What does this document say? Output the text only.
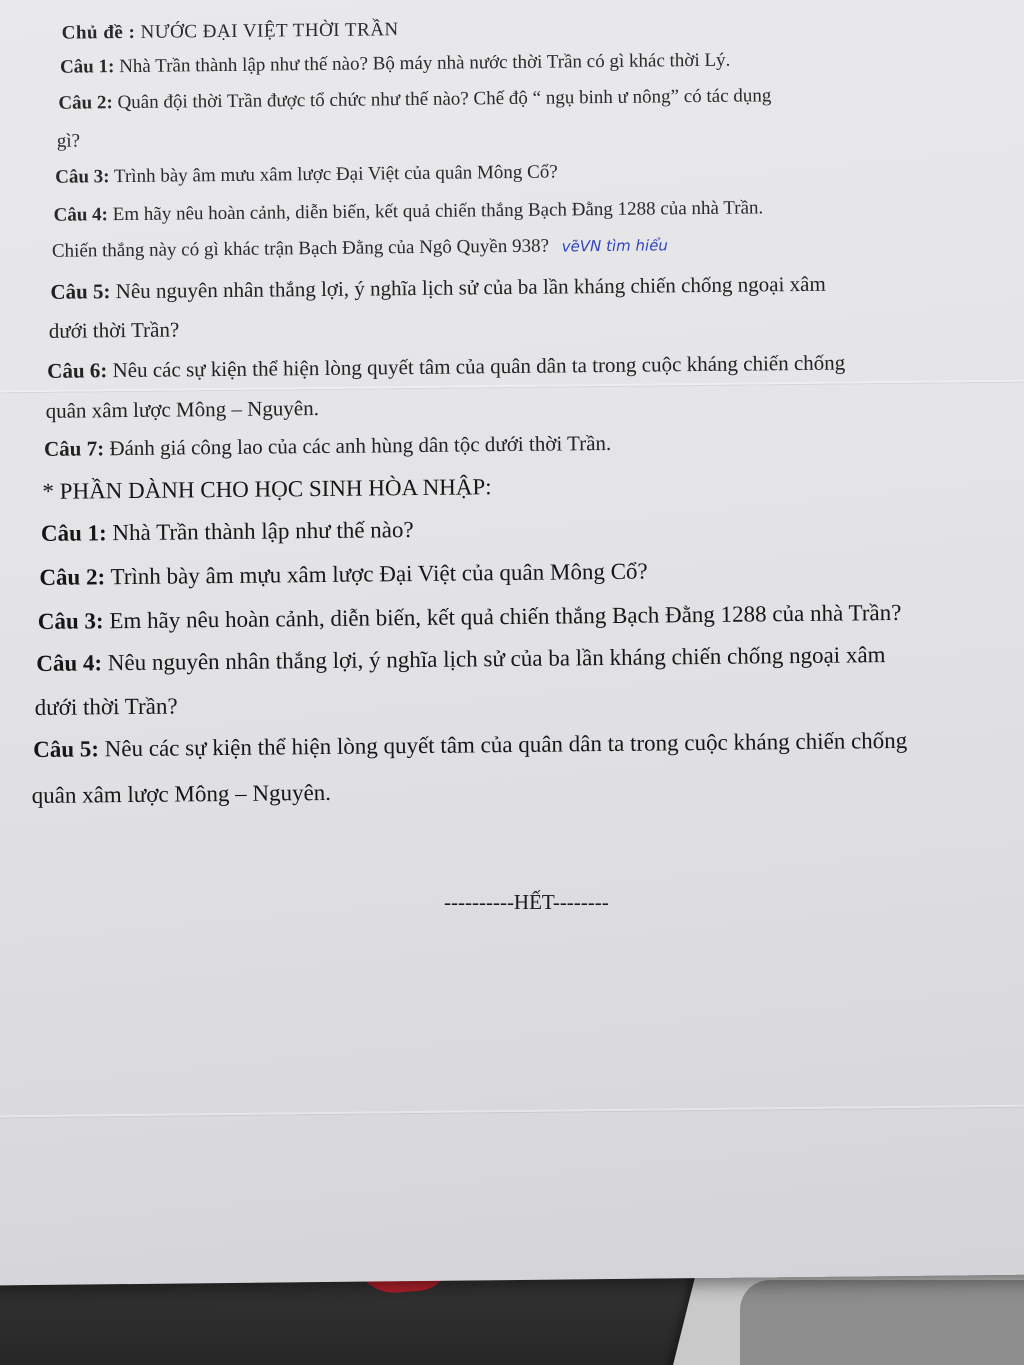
Chủ đề : NƯỚC ĐẠI VIỆT THỜI TRẦN
Câu 1: Nhà Trần thành lập như thế nào? Bộ máy nhà nước thời Trần có gì khác thời Lý.
Câu 2: Quân đội thời Trần được tổ chức như thế nào? Chế độ “ ngụ binh ư nông” có tác dụng
gì?
Câu 3: Trình bày âm mưu xâm lược Đại Việt của quân Mông Cổ?
Câu 4: Em hãy nêu hoàn cảnh, diễn biến, kết quả chiến thắng Bạch Đằng 1288 của nhà Trần.
Chiến thắng này có gì khác trận Bạch Đằng của Ngô Quyền 938? vẽVN tìm hiểu
Câu 5: Nêu nguyên nhân thắng lợi, ý nghĩa lịch sử của ba lần kháng chiến chống ngoại xâm
dưới thời Trần?
Câu 6: Nêu các sự kiện thể hiện lòng quyết tâm của quân dân ta trong cuộc kháng chiến chống
quân xâm lược Mông – Nguyên.
Câu 7: Đánh giá công lao của các anh hùng dân tộc dưới thời Trần.
* PHẦN DÀNH CHO HỌC SINH HÒA NHẬP:
Câu 1: Nhà Trần thành lập như thế nào?
Câu 2: Trình bày âm mựu xâm lược Đại Việt của quân Mông Cổ?
Câu 3: Em hãy nêu hoàn cảnh, diễn biến, kết quả chiến thắng Bạch Đằng 1288 của nhà Trần?
Câu 4: Nêu nguyên nhân thắng lợi, ý nghĩa lịch sử của ba lần kháng chiến chống ngoại xâm
dưới thời Trần?
Câu 5: Nêu các sự kiện thể hiện lòng quyết tâm của quân dân ta trong cuộc kháng chiến chống
quân xâm lược Mông – Nguyên.
----------HẾT--------
